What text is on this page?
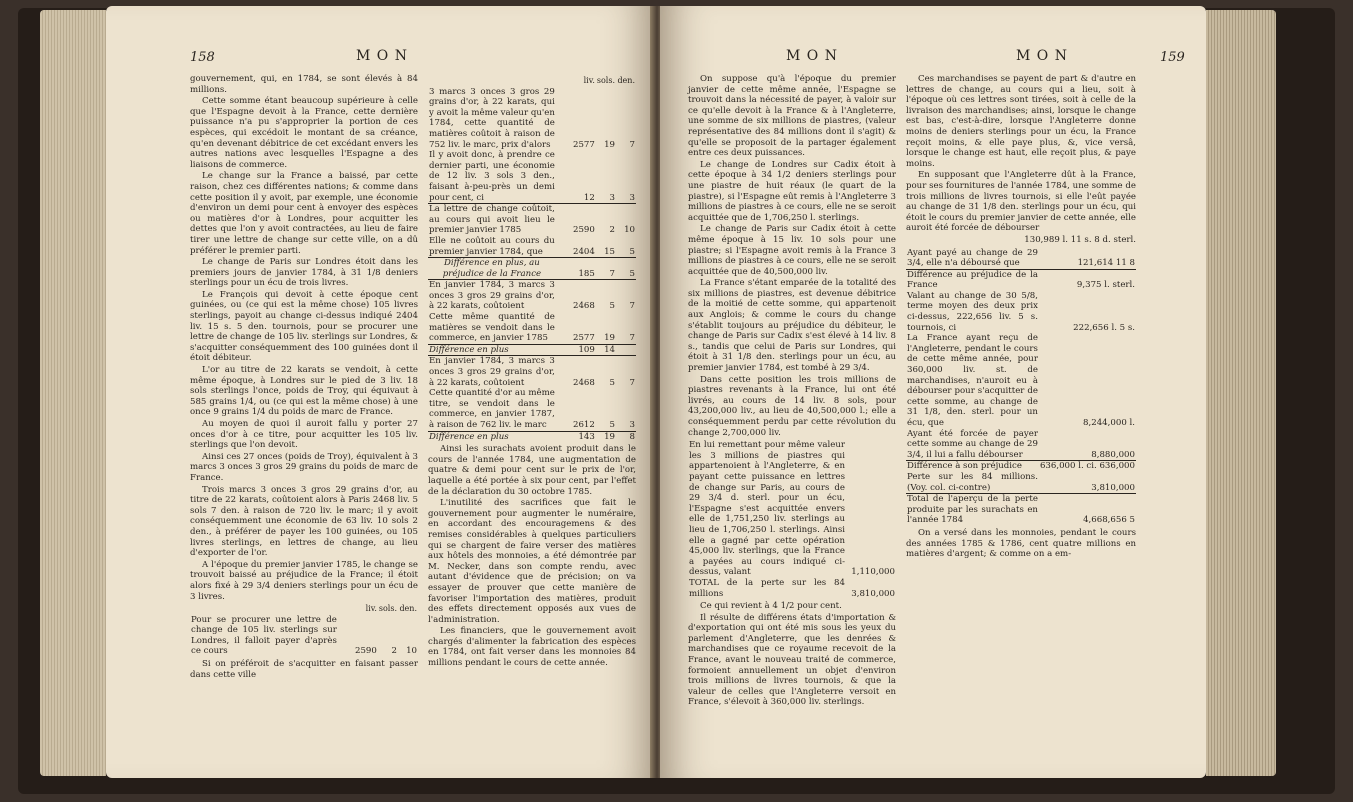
158	M O N

gouvernement, qui, en 1784, se sont élevés à 84 millions.

Cette somme étant beaucoup supérieure à celle que l'Espagne devoit à la France, cette dernière puissance n'a pu s'approprier la portion de ces espèces, qui excédoit le montant de sa créance, qu'en devenant débitrice de cet excédant envers les autres nations avec lesquelles l'Espagne a des liaisons de commerce.

Le change sur la France a baissé, par cette raison, chez ces différentes nations; & comme dans cette position il y avoit, par exemple, une économie d'environ un demi pour cent à envoyer des espèces ou matières d'or à Londres, pour acquitter les dettes que l'on y avoit contractées, au lieu de faire tirer une lettre de change sur cette ville, on a dû préférer le premier parti.

Le change de Paris sur Londres étoit dans les premiers jours de janvier 1784, à 31 1/8 deniers sterlings pour un écu de trois livres.

Le François qui devoit à cette époque cent guinées, ou (ce qui est la même chose) 105 livres sterlings, payoit au change ci-dessus indiqué 2404 liv. 15 s. 5 den. tournois, pour se procurer une lettre de change de 105 liv. sterlings sur Londres, & s'acquitter conséquemment des 100 guinées dont il étoit débiteur.

L'or au titre de 22 karats se vendoit, à cette même époque, à Londres sur le pied de 3 liv. 18 sols sterlings l'once, poids de Troy, qui équivaut à 585 grains 1/4, ou (ce qui est la même chose) à une once 9 grains 1/4 du poids de marc de France.

Au moyen de quoi il auroit fallu y porter 27 onces d'or à ce titre, pour acquitter les 105 liv. sterlings que l'on devoit.

Ainsi ces 27 onces (poids de Troy), équivalent à 3 marcs 3 onces 3 gros 29 grains du poids de marc de France.

Trois marcs 3 onces 3 gros 29 grains d'or, au titre de 22 karats, coûtoient alors à Paris 2468 liv. 5 sols 7 den. à raison de 720 liv. le marc; il y avoit conséquemment une économie de 63 liv. 10 sols 2 den., à préférer de payer les 100 guinées, ou 105 livres sterlings, en lettres de change, au lieu d'exporter de l'or.

A l'époque du premier janvier 1785, le change se trouvoit baissé au préjudice de la France; il étoit alors fixé à 29 3/4 deniers sterlings pour un écu de 3 livres.

	liv.	sols.	den.
Pour se procurer une lettre de change de 105 liv. sterlings sur Londres, il falloit payer d'après ce cours	2590	2	10

Si on préféroit de s'acquitter en faisant passer dans cette ville

	liv.	sols.	den.
3 marcs 3 onces 3 gros 29 grains d'or, à 22 karats, qui y avoit la même valeur qu'en 1784, cette quantité de matières coûtoit à raison de 752 liv. le marc, prix d'alors	2577	19	7
Il y avoit donc, à prendre ce dernier parti, une économie de 12 liv. 3 sols 3 den., faisant à-peu-près un demi pour cent, ci	12	3	3
La lettre de change coûtoit, au cours qui avoit lieu le premier janvier 1785	2590	2	10
Elle ne coûtoit au cours du premier janvier 1784, que	2404	15	5
Différence en plus, au préjudice de la France	185	7	5
En janvier 1784, 3 marcs 3 onces 3 gros 29 grains d'or, à 22 karats, coûtoient	2468	5	7
Cette même quantité de matières se vendoit dans le commerce, en janvier 1785	2577	19	7
Différence en plus	109	14	
En janvier 1784, 3 marcs 3 onces 3 gros 29 grains d'or, à 22 karats, coûtoient	2468	5	7
Cette quantité d'or au même titre, se vendoit dans le commerce, en janvier 1787, à raison de 762 liv. le marc	2612	5	3
Différence en plus	143	19	8

Ainsi les surachats avoient produit dans le cours de l'année 1784, une augmentation de quatre & demi pour cent sur le prix de l'or, laquelle a été portée à six pour cent, par l'effet de la déclaration du 30 octobre 1785.

L'inutilité des sacrifices que fait le gouvernement pour augmenter le numéraire, en accordant des encouragemens & des remises considérables à quelques particuliers qui se chargent de faire verser des matières aux hôtels des monnoies, a été démontrée par M. Necker, dans son compte rendu, avec autant d'évidence que de précision; on va essayer de prouver que cette manière de favoriser l'importation des matières, produit des effets directement opposés aux vues de l'administration.

Les financiers, que le gouvernement avoit chargés d'alimenter la fabrication des espèces en 1784, ont fait verser dans les monnoies 84 millions pendant le cours de cette année.

M O N	M O N	159

On suppose qu'à l'époque du premier janvier de cette même année, l'Espagne se trouvoit dans la nécessité de payer, à valoir sur ce qu'elle devoit à la France & à l'Angleterre, une somme de six millions de piastres, (valeur représentative des 84 millions dont il s'agit) & qu'elle se proposoit de la partager également entre ces deux puissances.

Le change de Londres sur Cadix étoit à cette époque à 34 1/2 deniers sterlings pour une piastre de huit réaux (le quart de la piastre), si l'Espagne eût remis à l'Angleterre 3 millions de piastres à ce cours, elle ne se seroit acquittée que de 1,706,250 l. sterlings.

Le change de Paris sur Cadix étoit à cette même époque à 15 liv. 10 sols pour une piastre; si l'Espagne avoit remis à la France 3 millions de piastres à ce cours, elle ne se seroit acquittée que de 40,500,000 liv.

La France s'étant emparée de la totalité des six millions de piastres, est devenue débitrice de la moitié de cette somme, qui appartenoit aux Anglois; & comme le cours du change s'établit toujours au préjudice du débiteur, le change de Paris sur Cadix s'est élevé à 14 liv. 8 s., tandis que celui de Paris sur Londres, qui étoit à 31 1/8 den. sterlings pour un écu, au premier janvier 1784, est tombé à 29 3/4.

Dans cette position les trois millions de piastres revenants à la France, lui ont été livrés, au cours de 14 liv. 8 sols, pour 43,200,000 liv., au lieu de 40,500,000 l.; elle a conséquemment perdu par cette révolution du change 2,700,000 liv.

En lui remettant pour même valeur les 3 millions de piastres qui appartenoient à l'Angleterre, & en payant cette puissance en lettres de change sur Paris, au cours de 29 3/4 d. sterl. pour un écu, l'Espagne s'est acquittée envers elle de 1,751,250 liv. sterlings au lieu de 1,706,250 l. sterlings. Ainsi elle a gagné par cette opération 45,000 liv. sterlings, que la France a payées au cours indiqué ci-dessus, valant	1,110,000
TOTAL de la perte sur les 84 millions	3,810,000

Ce qui revient à 4 1/2 pour cent.

Il résulte de différens états d'importation & d'exportation qui ont été mis sous les yeux du parlement d'Angleterre, que les denrées & marchandises que ce royaume recevoit de la France, avant le nouveau traité de commerce, formoient annuellement un objet d'environ trois millions de livres tournois, & que la valeur de celles que l'Angleterre versoit en France, s'élevoit à 360,000 liv. sterlings.

Ces marchandises se payent de part & d'autre en lettres de change, au cours qui a lieu, soit à l'époque où ces lettres sont tirées, soit à celle de la livraison des marchandises; ainsi, lorsque le change est bas, c'est-à-dire, lorsque l'Angleterre donne moins de deniers sterlings pour un écu, la France reçoit moins, & elle paye plus, &, vice versâ, lorsque le change est haut, elle reçoit plus, & paye moins.

En supposant que l'Angleterre dût à la France, pour ses fournitures de l'année 1784, une somme de trois millions de livres tournois, si elle l'eût payée au change de 31 1/8 den. sterlings pour un écu, qui étoit le cours du premier janvier de cette année, elle auroit été forcée de débourser

130,989 l. 11 s. 8 d. sterl.

Ayant payé au change de 29 3/4, elle n'a déboursé que	121,614 11 8
Différence au préjudice de la France	9,375 l. sterl.
Valant au change de 30 5/8, terme moyen des deux prix ci-dessus, 222,656 liv. 5 s. tournois, ci	222,656 l. 5 s.
La France ayant reçu de l'Angleterre, pendant le cours de cette même année, pour 360,000 liv. st. de marchandises, n'auroit eu à débourser pour s'acquitter de cette somme, au change de 31 1/8, den. sterl. pour un écu, que	8,244,000 l.
Ayant été forcée de payer cette somme au change de 29 3/4, il lui a fallu débourser	8,880,000
Différence à son préjudice	636,000 l. ci. 636,000
Perte sur les 84 millions. (Voy. col. ci-contre)	3,810,000
Total de l'aperçu de la perte produite par les surachats en l'année 1784	4,668,656 5

On a versé dans les monnoies, pendant le cours des années 1785 & 1786, cent quatre millions en matières d'argent; & comme on a em-
